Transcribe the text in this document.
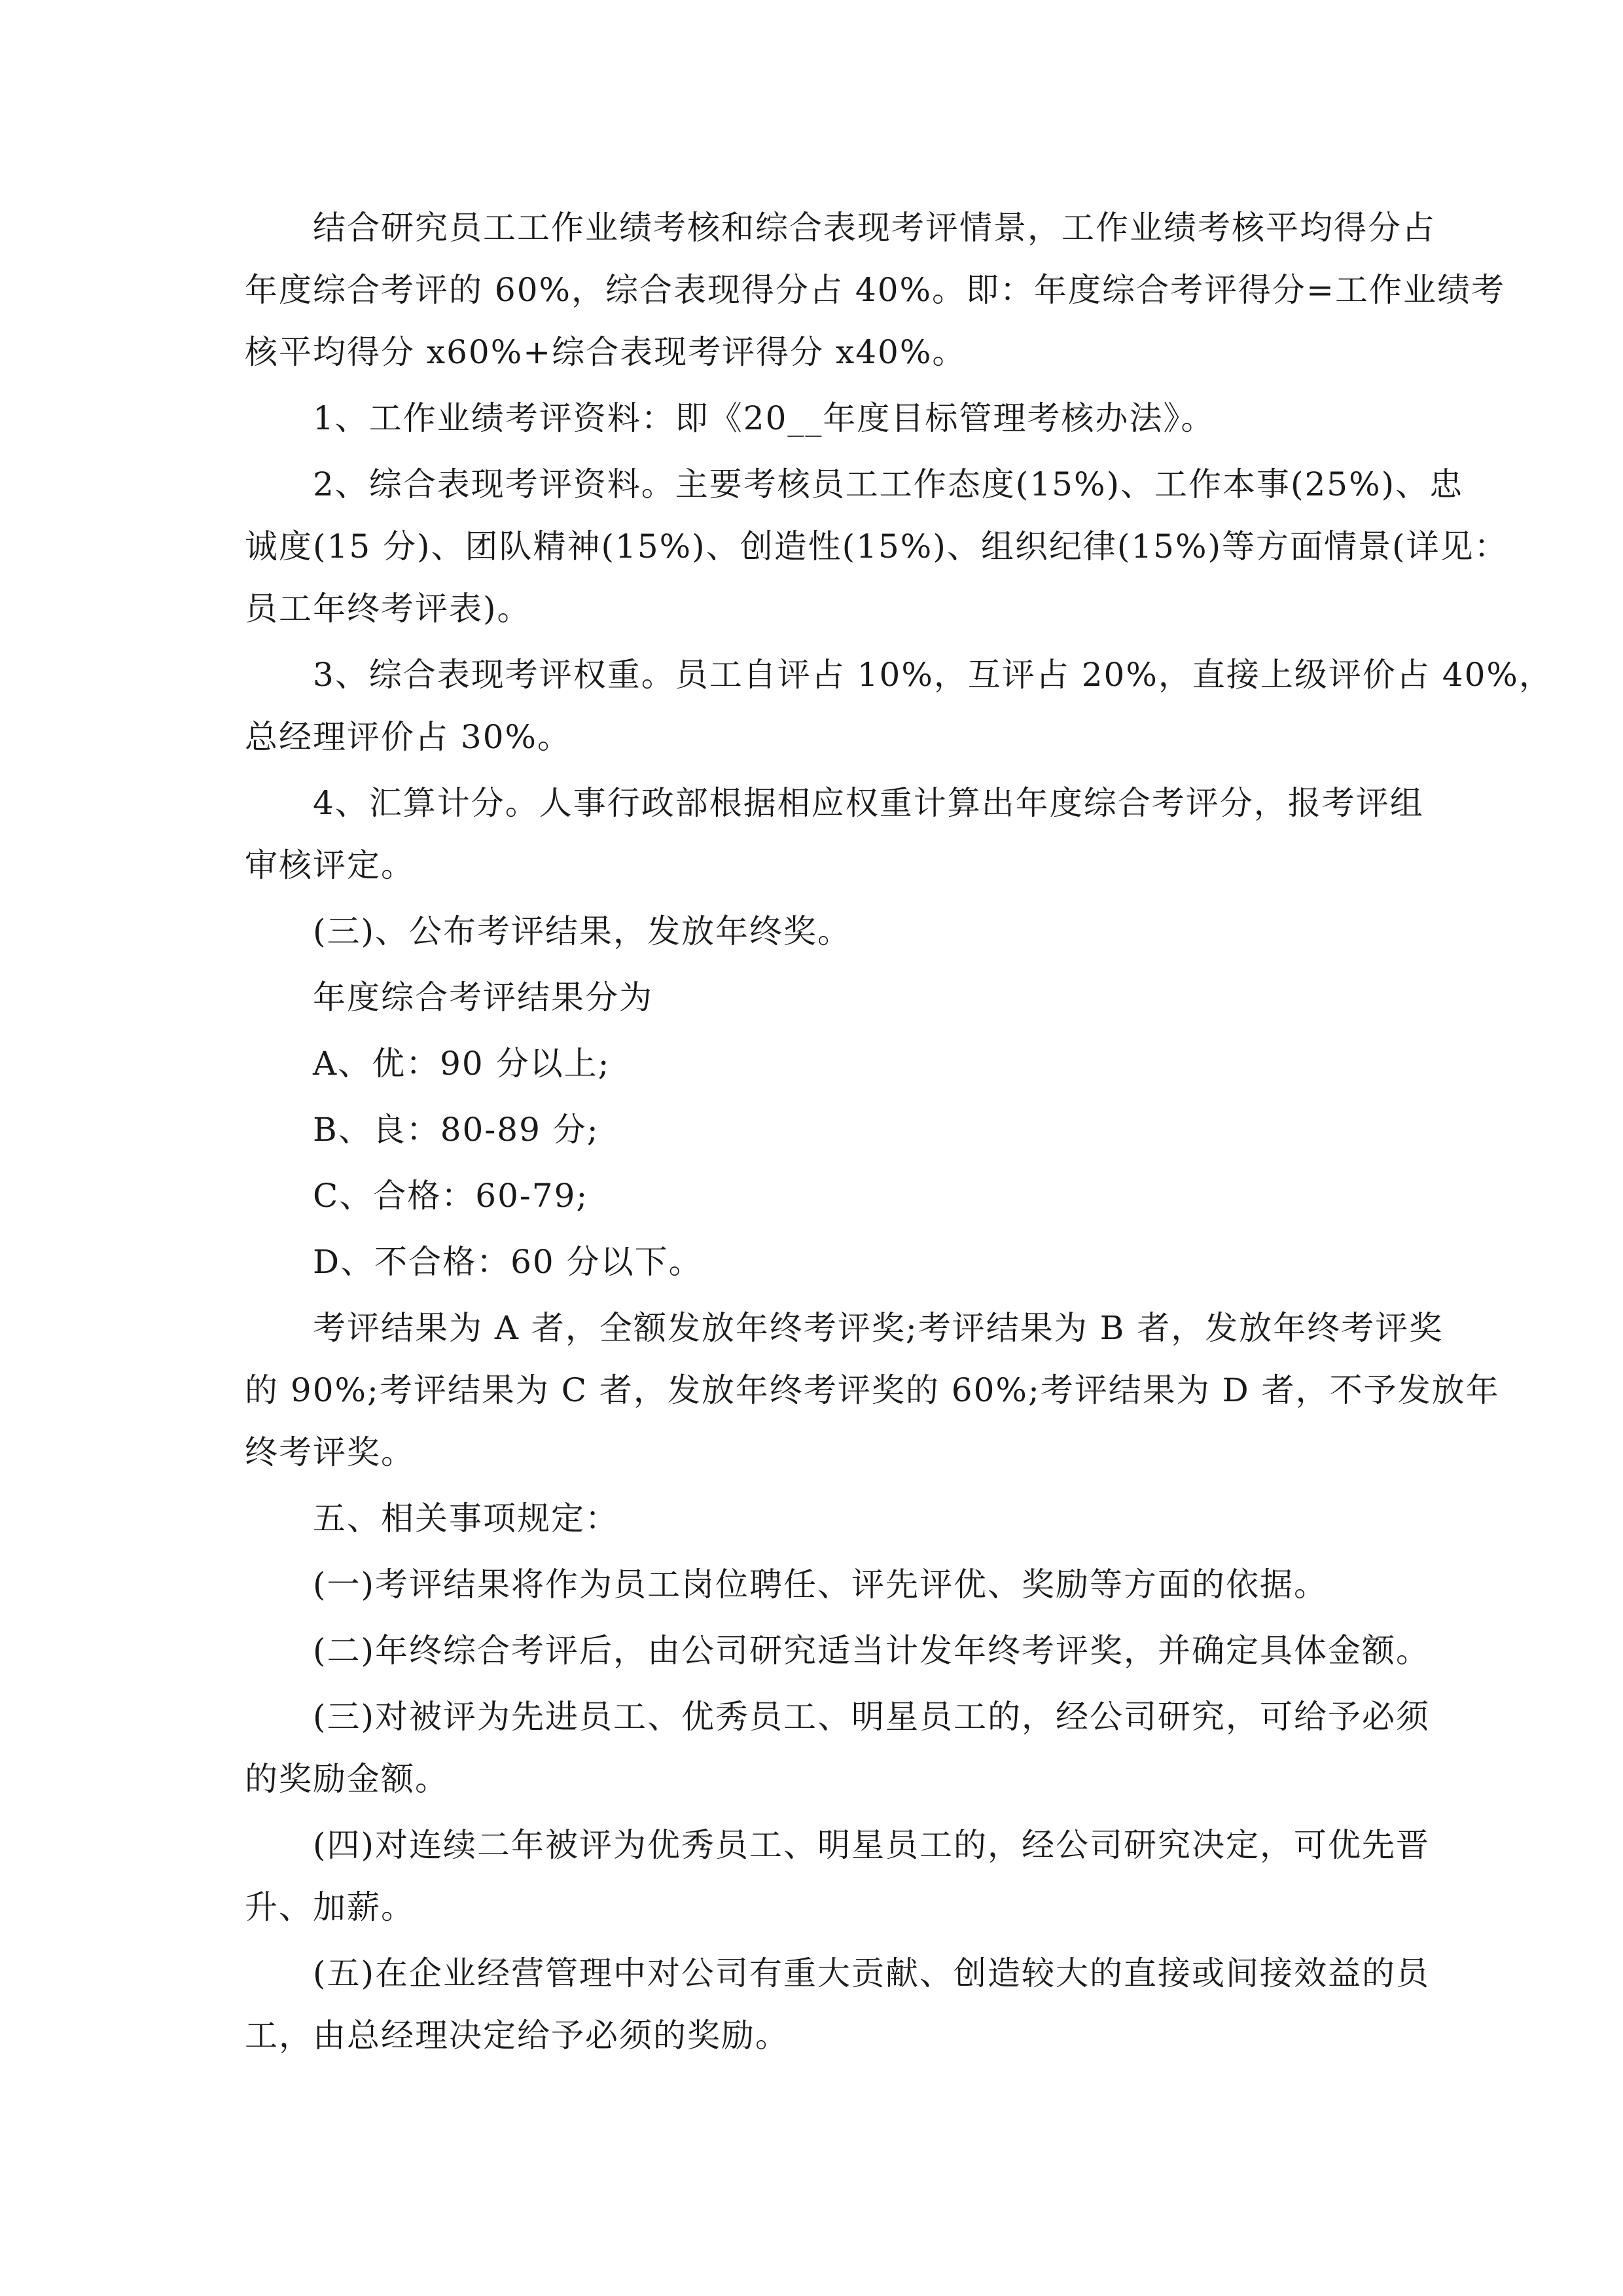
结合研究员工工作业绩考核和综合表现考评情景，工作业绩考核平均得分占
年度综合考评的 60%，综合表现得分占 40%。即：年度综合考评得分=工作业绩考
核平均得分 x60%+综合表现考评得分 x40%。
1、工作业绩考评资料：即《20__年度目标管理考核办法》。
2、综合表现考评资料。主要考核员工工作态度(15%)、工作本事(25%)、忠
诚度(15 分)、团队精神(15%)、创造性(15%)、组织纪律(15%)等方面情景(详见：
员工年终考评表)。
3、综合表现考评权重。员工自评占 10%，互评占 20%，直接上级评价占 40%，
总经理评价占 30%。
4、汇算计分。人事行政部根据相应权重计算出年度综合考评分，报考评组
审核评定。
(三)、公布考评结果，发放年终奖。
年度综合考评结果分为
A、优：90 分以上;
B、良：80-89 分;
C、合格：60-79;
D、不合格：60 分以下。
考评结果为 A 者，全额发放年终考评奖;考评结果为 B 者，发放年终考评奖
的 90%;考评结果为 C 者，发放年终考评奖的 60%;考评结果为 D 者，不予发放年
终考评奖。
五、相关事项规定：
(一)考评结果将作为员工岗位聘任、评先评优、奖励等方面的依据。
(二)年终综合考评后，由公司研究适当计发年终考评奖，并确定具体金额。
(三)对被评为先进员工、优秀员工、明星员工的，经公司研究，可给予必须
的奖励金额。
(四)对连续二年被评为优秀员工、明星员工的，经公司研究决定，可优先晋
升、加薪。
(五)在企业经营管理中对公司有重大贡献、创造较大的直接或间接效益的员
工，由总经理决定给予必须的奖励。
